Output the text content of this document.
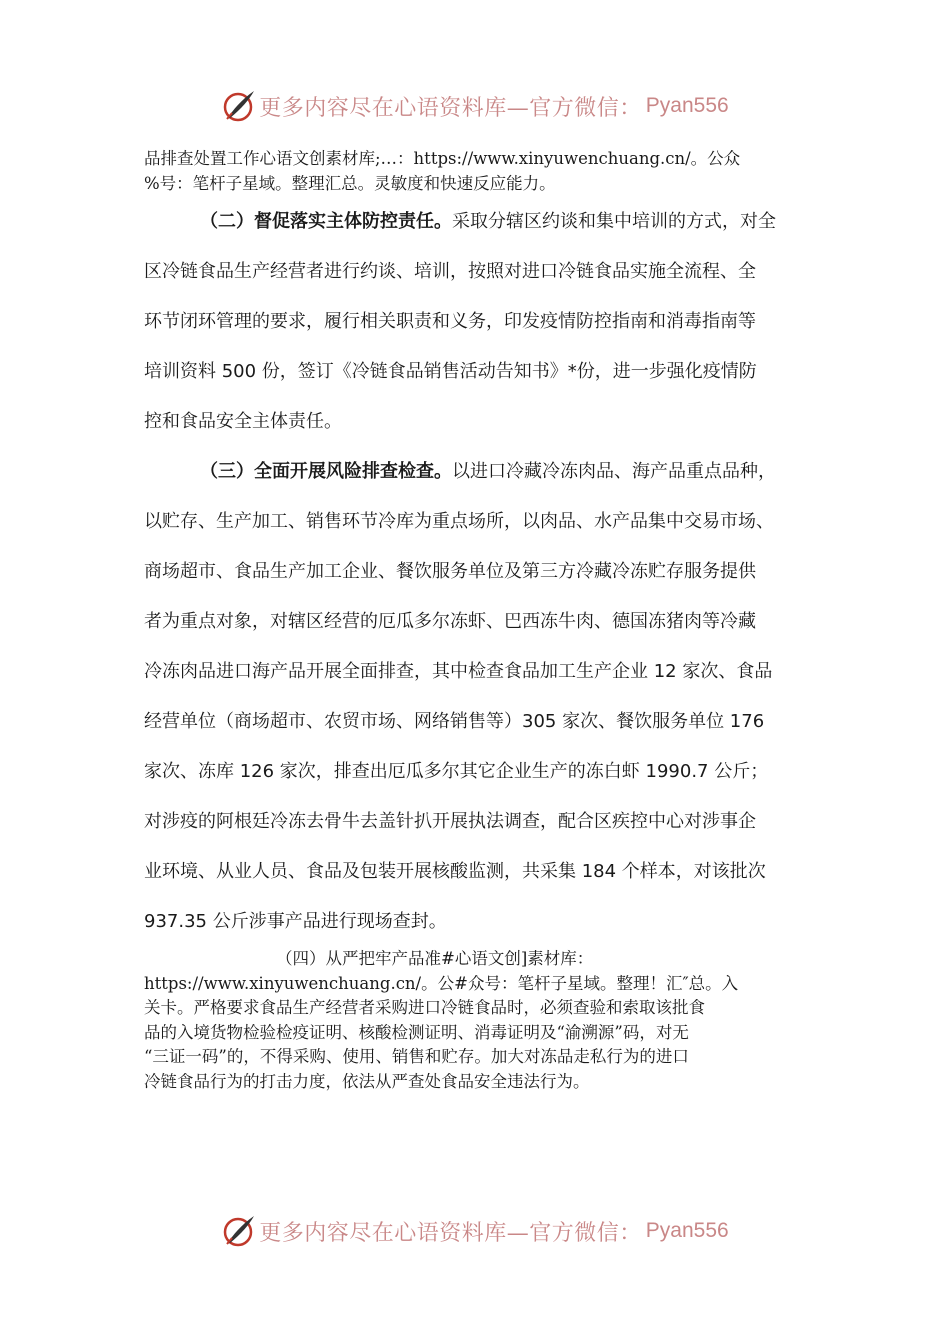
更多内容尽在心语资料库—官方微信： Pyan556
品排查处置工作心语文创素材库;…：https://www.xinyuwenchuang.cn/。公众
%号：笔杆子星域。整理汇总。灵敏度和快速反应能力。
（二）督促落实主体防控责任。采取分辖区约谈和集中培训的方式，对全
区冷链食品生产经营者进行约谈、培训，按照对进口冷链食品实施全流程、全
环节闭环管理的要求，履行相关职责和义务，印发疫情防控指南和消毒指南等
培训资料 500 份，签订《冷链食品销售活动告知书》*份，进一步强化疫情防
控和食品安全主体责任。
（三）全面开展风险排查检查。以进口冷藏冷冻肉品、海产品重点品种，
以贮存、生产加工、销售环节冷库为重点场所，以肉品、水产品集中交易市场、
商场超市、食品生产加工企业、餐饮服务单位及第三方冷藏冷冻贮存服务提供
者为重点对象，对辖区经营的厄瓜多尔冻虾、巴西冻牛肉、德国冻猪肉等冷藏
冷冻肉品进口海产品开展全面排查，其中检查食品加工生产企业 12 家次、食品
经营单位（商场超市、农贸市场、网络销售等）305 家次、餐饮服务单位 176
家次、冻库 126 家次，排查出厄瓜多尔其它企业生产的冻白虾 1990.7 公斤；
对涉疫的阿根廷冷冻去骨牛去盖针扒开展执法调查，配合区疾控中心对涉事企
业环境、从业人员、食品及包装开展核酸监测，共采集 184 个样本，对该批次
937.35 公斤涉事产品进行现场查封。
（四）从严把牢产品准#心语文创]素材库：
https://www.xinyuwenchuang.cn/。公#众号：笔杆子星域。整理！汇″总。入
关卡。严格要求食品生产经营者采购进口冷链食品时，必须查验和索取该批食
品的入境货物检验检疫证明、核酸检测证明、消毒证明及“渝溯源”码，对无
“三证一码”的，不得采购、使用、销售和贮存。加大对冻品走私行为的进口
冷链食品行为的打击力度，依法从严查处食品安全违法行为。
更多内容尽在心语资料库—官方微信： Pyan556
